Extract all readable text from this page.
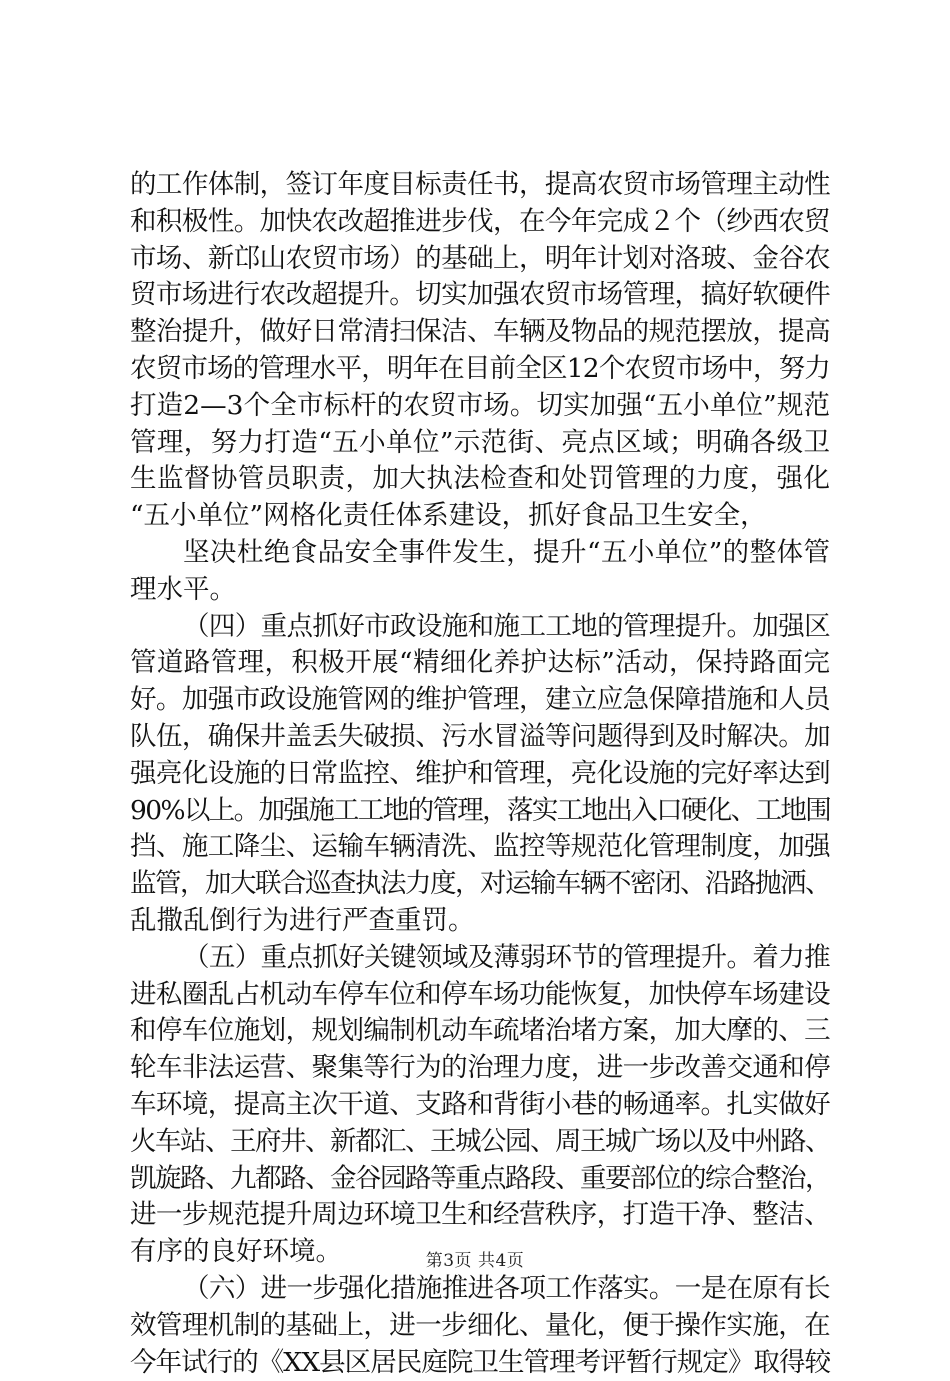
的工作体制，签订年度目标责任书，提高农贸市场管理主动性
和积极性。加快农改超推进步伐，在今年完成２个（纱西农贸
市场、新邙山农贸市场）的基础上，明年计划对洛玻、金谷农
贸市场进行农改超提升。切实加强农贸市场管理，搞好软硬件
整治提升，做好日常清扫保洁、车辆及物品的规范摆放，提高
农贸市场的管理水平，明年在目前全区12个农贸市场中，努力
打造2—3个全市标杆的农贸市场。切实加强“五小单位”规范
管理，努力打造“五小单位”示范街、亮点区域；明确各级卫
生监督协管员职责，加大执法检查和处罚管理的力度，强化
“五小单位”网格化责任体系建设，抓好食品卫生安全，
坚决杜绝食品安全事件发生，提升“五小单位”的整体管
理水平。
（四）重点抓好市政设施和施工工地的管理提升。加强区
管道路管理，积极开展“精细化养护达标”活动，保持路面完
好。加强市政设施管网的维护管理，建立应急保障措施和人员
队伍，确保井盖丢失破损、污水冒溢等问题得到及时解决。加
强亮化设施的日常监控、维护和管理，亮化设施的完好率达到
90%以上。加强施工工地的管理，落实工地出入口硬化、工地围
挡、施工降尘、运输车辆清洗、监控等规范化管理制度，加强
监管，加大联合巡查执法力度，对运输车辆不密闭、沿路抛洒、
乱撒乱倒行为进行严查重罚。
（五）重点抓好关键领域及薄弱环节的管理提升。着力推
进私圈乱占机动车停车位和停车场功能恢复，加快停车场建设
和停车位施划，规划编制机动车疏堵治堵方案，加大摩的、三
轮车非法运营、聚集等行为的治理力度，进一步改善交通和停
车环境，提高主次干道、支路和背街小巷的畅通率。扎实做好
火车站、王府井、新都汇、王城公园、周王城广场以及中州路、
凯旋路、九都路、金谷园路等重点路段、重要部位的综合整治，
进一步规范提升周边环境卫生和经营秩序，打造干净、整洁、
有序的良好环境。
（六）进一步强化措施推进各项工作落实。一是在原有长
效管理机制的基础上，进一步细化、量化，便于操作实施，在
今年试行的《XX县区居民庭院卫生管理考评暂行规定》取得较
第3页 共4页
